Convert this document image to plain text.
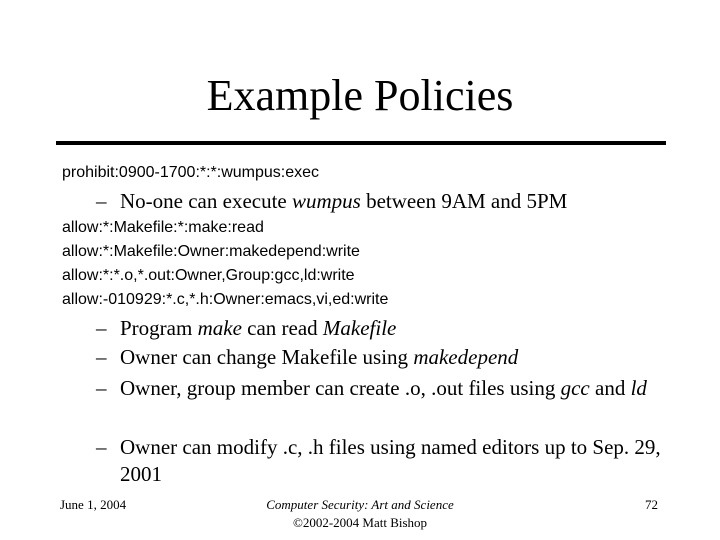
Example Policies
prohibit:0900-1700:*:*:wumpus:exec
– No-one can execute wumpus between 9AM and 5PM
allow:*:Makefile:*:make:read
allow:*:Makefile:Owner:makedepend:write
allow:*:*.o,*.out:Owner,Group:gcc,ld:write
allow:-010929:*.c,*.h:Owner:emacs,vi,ed:write
– Program make can read Makefile
– Owner can change Makefile using makedepend
– Owner, group member can create .o, .out files using gcc and ld
– Owner can modify .c, .h files using named editors up to Sep. 29, 2001
June 1, 2004	Computer Security: Art and Science
©2002-2004 Matt Bishop
72
